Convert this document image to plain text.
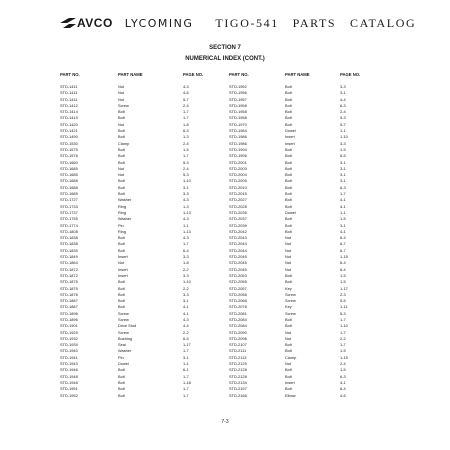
AVCO LYCOMING TIGO-541   PARTS   CATALOG
SECTION 7
NUMERICAL INDEX (CONT.)
PART NO.	PART NAME	PAGE NO.	PART NO.	PART NAME	PAGE NO.
STD-1411	Nut	4-3	STD-1952	Bolt	3-3
STD-1411	Nut	4-6	STD-1956	Bolt	3-1
STD-1411	Nut	5-7	STD-1957	Bolt	4-4
STD-1412	Screw	2-4	STD-1958	Bolt	6-3
STD-1414	Bolt	1-7	STD-1958	Bolt	2-4
STD-1419	Bolt	1-7	STD-1958	Bolt	5-3
STD-1420	Nut	1-8	STD-1970	Bolt	5-7
STD-1421	Bolt	6-3	STD-1984	Dowel	1-1
STD-1490	Bolt	1-3	STD-1986	Insert	1-10
STD-1530	Clamp	2-4	STD-1986	Insert	3-3
STD-1575	Bolt	1-5	STD-1994	Bolt	1-5
STD-1576	Bolt	1-7	STD-1996	Bolt	6-5
STD-1660	Bolt	5-3	STD-2001	Bolt	3-1
STD-1685	Nut	2-4	STD-2003	Bolt	3-1
STD-1685	Nut	5-3	STD-2004	Bolt	3-1
STD-1688	Bolt	1-10	STD-2005	Bolt	3-1
STD-1688	Bolt	3-1	STD-2010	Bolt	6-3
STD-1689	Bolt	3-3	STD-2015	Bolt	1-7
STD-1727	Washer	4-3	STD-2027	Bolt	4-1
STD-1733	Ring	1-3	STD-2028	Bolt	4-1
STD-1737	Ring	1-13	STD-2035	Dowel	1-1
STD-1755	Washer	4-3	STD-2037	Bolt	1-5
STD-1774	Pin	1-1	STD-2039	Bolt	3-1
STD-1808	Ring	1-13	STD-2042	Bolt	4-1
STD-1838	Bolt	4-3	STD-2043	Nut	6-4
STD-1838	Bolt	1-7	STD-2044	Nut	6-7
STD-1839	Bolt	6-4	STD-2044	Nut	6-7
STD-1849	Insert	3-3	STD-2045	Nut	1-15
STD-1864	Nut	1-8	STD-2045	Nut	6-4
STD-1872	Insert	2-2	STD-2045	Nut	6-4
STD-1872	Insert	3-3	STD-2053	Bolt	1-5
STD-1875	Bolt	1-10	STD-2055	Bolt	1-5
STD-1875	Bolt	2-2	STD-2057	Key	1-17
STD-1876	Bolt	3-3	STD-2058	Screw	2-3
STD-1887	Bolt	3-1	STD-2068	Screw	5-5
STD-1887	Bolt	4-1	STD-2076	Key	1-11
STD-1896	Screw	4-1	STD-2081	Screw	5-3
STD-1896	Screw	4-3	STD-2084	Bolt	1-7
STD-1901	Drive Stud	4-4	STD-2084	Bolt	1-10
STD-1925	Screw	2-2	STD-2090	Nut	1-7
STD-1932	Bushing	6-5	STD-2096	Nut	2-2
STD-1934	Seal	1-17	STD-2107	Bolt	1-7
STD-1940	Washer	1-7	STD-2111	Bolt	1-5
STD-1941	Pin	3-1	STD-2113	Clamp	1-15
STD-1943	Dowel	1-1	STD-2125	Nut	2-4
STD-1946	Bolt	6-1	STD-2128	Bolt	1-5
STD-1948	Bolt	1-7	STD-2128	Bolt	6-3
STD-1948	Bolt	1-18	STD-2134	Insert	4-1
STD-1951	Bolt	1-7	STD-2157	Bolt	6-4
STD-1952	Bolt	1-7	STD-2166	Elbow	4-6
7-3
